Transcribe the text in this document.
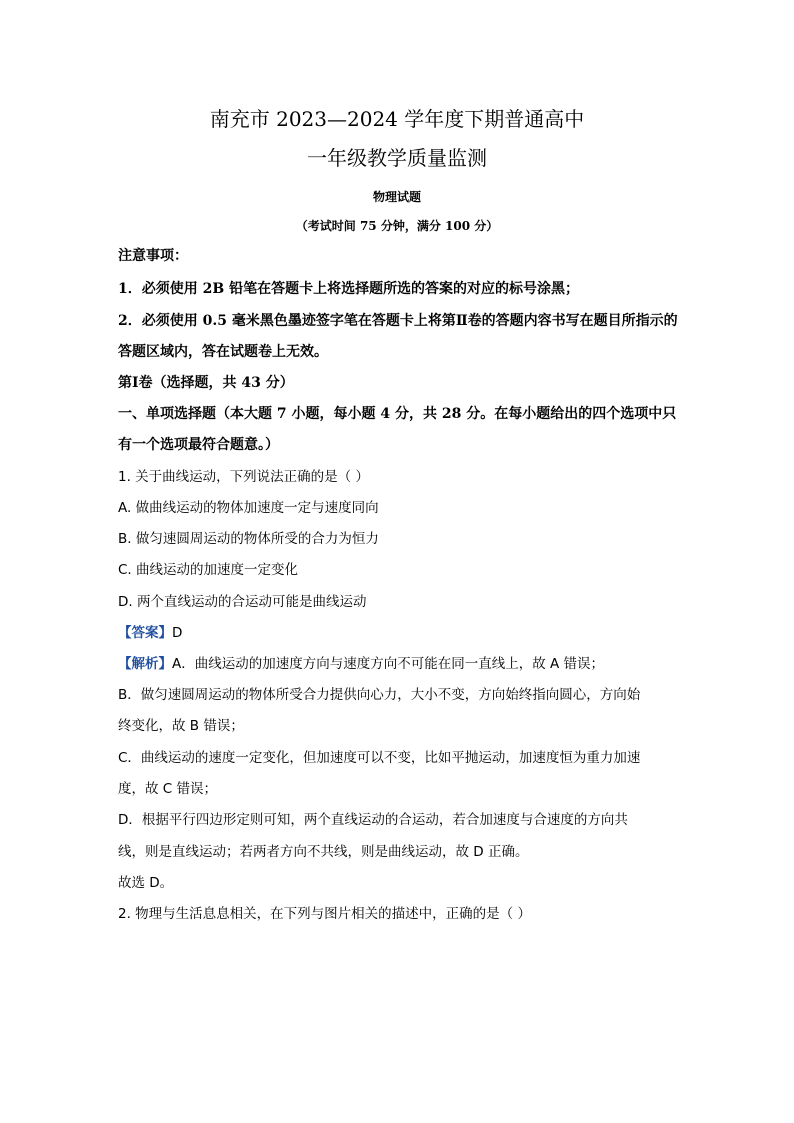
南充市 2023—2024 学年度下期普通高中
一年级教学质量监测
物理试题
（考试时间 75 分钟，满分 100 分）
注意事项：
1．必须使用 2B 铅笔在答题卡上将选择题所选的答案的对应的标号涂黑；
2．必须使用 0.5 毫米黑色墨迹签字笔在答题卡上将第Ⅱ卷的答题内容书写在题目所指示的
答题区域内，答在试题卷上无效。
第Ⅰ卷（选择题，共 43 分）
一、单项选择题（本大题 7 小题，每小题 4 分，共 28 分。在每小题给出的四个选项中只
有一个选项最符合题意。）
1. 关于曲线运动，下列说法正确的是（ ）
A. 做曲线运动的物体加速度一定与速度同向
B. 做匀速圆周运动的物体所受的合力为恒力
C. 曲线运动的加速度一定变化
D. 两个直线运动的合运动可能是曲线运动
【答案】D
【解析】A．曲线运动的加速度方向与速度方向不可能在同一直线上，故 A 错误；
B．做匀速圆周运动的物体所受合力提供向心力，大小不变，方向始终指向圆心，方向始
终变化，故 B 错误；
C．曲线运动的速度一定变化，但加速度可以不变，比如平抛运动，加速度恒为重力加速
度，故 C 错误；
D．根据平行四边形定则可知，两个直线运动的合运动，若合加速度与合速度的方向共
线，则是直线运动；若两者方向不共线，则是曲线运动，故 D 正确。
故选 D。
2. 物理与生活息息相关，在下列与图片相关的描述中，正确的是（ ）
